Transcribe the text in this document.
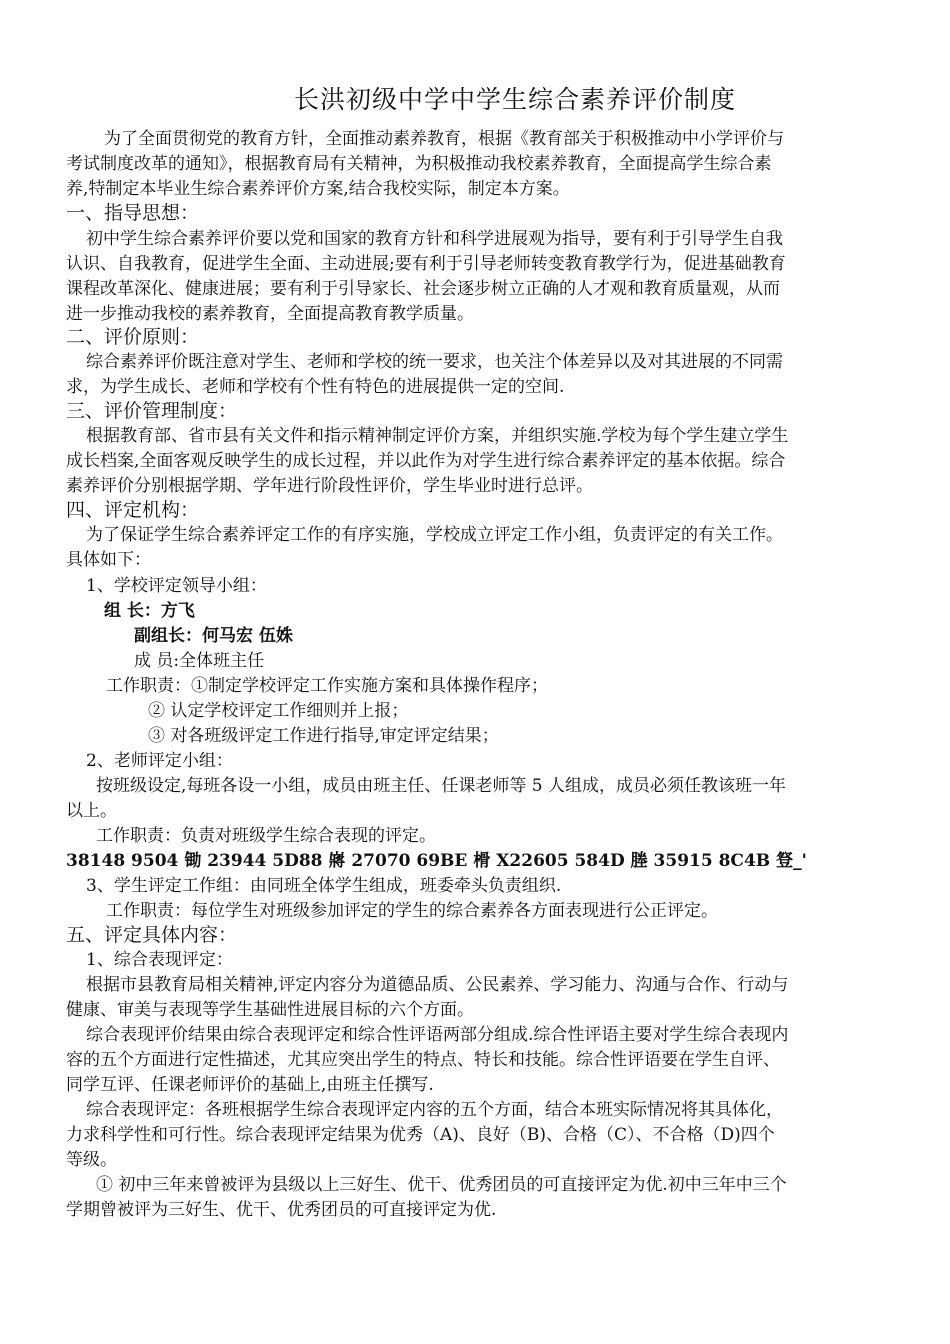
长洪初级中学中学生综合素养评价制度
为了全面贯彻党的教育方针，全面推动素养教育，根据《教育部关于积极推动中小学评价与
考试制度改革的通知》，根据教育局有关精神，为积极推动我校素养教育，全面提高学生综合素
养,特制定本毕业生综合素养评价方案,结合我校实际，制定本方案。
一、指导思想：
初中学生综合素养评价要以党和国家的教育方针和科学进展观为指导，要有利于引导学生自我
认识、自我教育，促进学生全面、主动进展;要有利于引导老师转变教育教学行为，促进基础教育
课程改革深化、健康进展；要有利于引导家长、社会逐步树立正确的人才观和教育质量观，从而
进一步推动我校的素养教育，全面提高教育教学质量。
二、评价原则：
综合素养评价既注意对学生、老师和学校的统一要求，也关注个体差异以及对其进展的不同需
求，为学生成长、老师和学校有个性有特色的进展提供一定的空间.
三、评价管理制度：
根据教育部、省市县有关文件和指示精神制定评价方案，并组织实施.学校为每个学生建立学生
成长档案,全面客观反映学生的成长过程，并以此作为对学生进行综合素养评定的基本依据。综合
素养评价分别根据学期、学年进行阶段性评价，学生毕业时进行总评。
四、评定机构：
为了保证学生综合素养评定工作的有序实施，学校成立评定工作小组，负责评定的有关工作。
具体如下：
1、学校评定领导小组：
组 长：方飞
副组长：何马宏 伍姝
成 员:全体班主任
工作职责：①制定学校评定工作实施方案和具体操作程序；
② 认定学校评定工作细则并上报；
③ 对各班级评定工作进行指导,审定评定结果；
2、老师评定小组：
按班级设定,每班各设一小组，成员由班主任、任课老师等 5 人组成，成员必须任教该班一年
以上。
工作职责：负责对班级学生综合表现的评定。
38148 9504 锄 23944 5D88 嶈 27070 69BE 榾 X22605 584D 塍 35915 8C4B 豋_'
3、学生评定工作组：由同班全体学生组成，班委牵头负责组织.
工作职责：每位学生对班级参加评定的学生的综合素养各方面表现进行公正评定。
五、评定具体内容：
1、综合表现评定：
根据市县教育局相关精神,评定内容分为道德品质、公民素养、学习能力、沟通与合作、行动与
健康、审美与表现等学生基础性进展目标的六个方面。
综合表现评价结果由综合表现评定和综合性评语两部分组成.综合性评语主要对学生综合表现内
容的五个方面进行定性描述，尤其应突出学生的特点、特长和技能。综合性评语要在学生自评、
同学互评、任课老师评价的基础上,由班主任撰写.
综合表现评定：各班根据学生综合表现评定内容的五个方面，结合本班实际情况将其具体化，
力求科学性和可行性。综合表现评定结果为优秀（A)、良好（B)、合格（C）、不合格（D)四个
等级。
① 初中三年来曾被评为县级以上三好生、优干、优秀团员的可直接评定为优.初中三年中三个
学期曾被评为三好生、优干、优秀团员的可直接评定为优.
